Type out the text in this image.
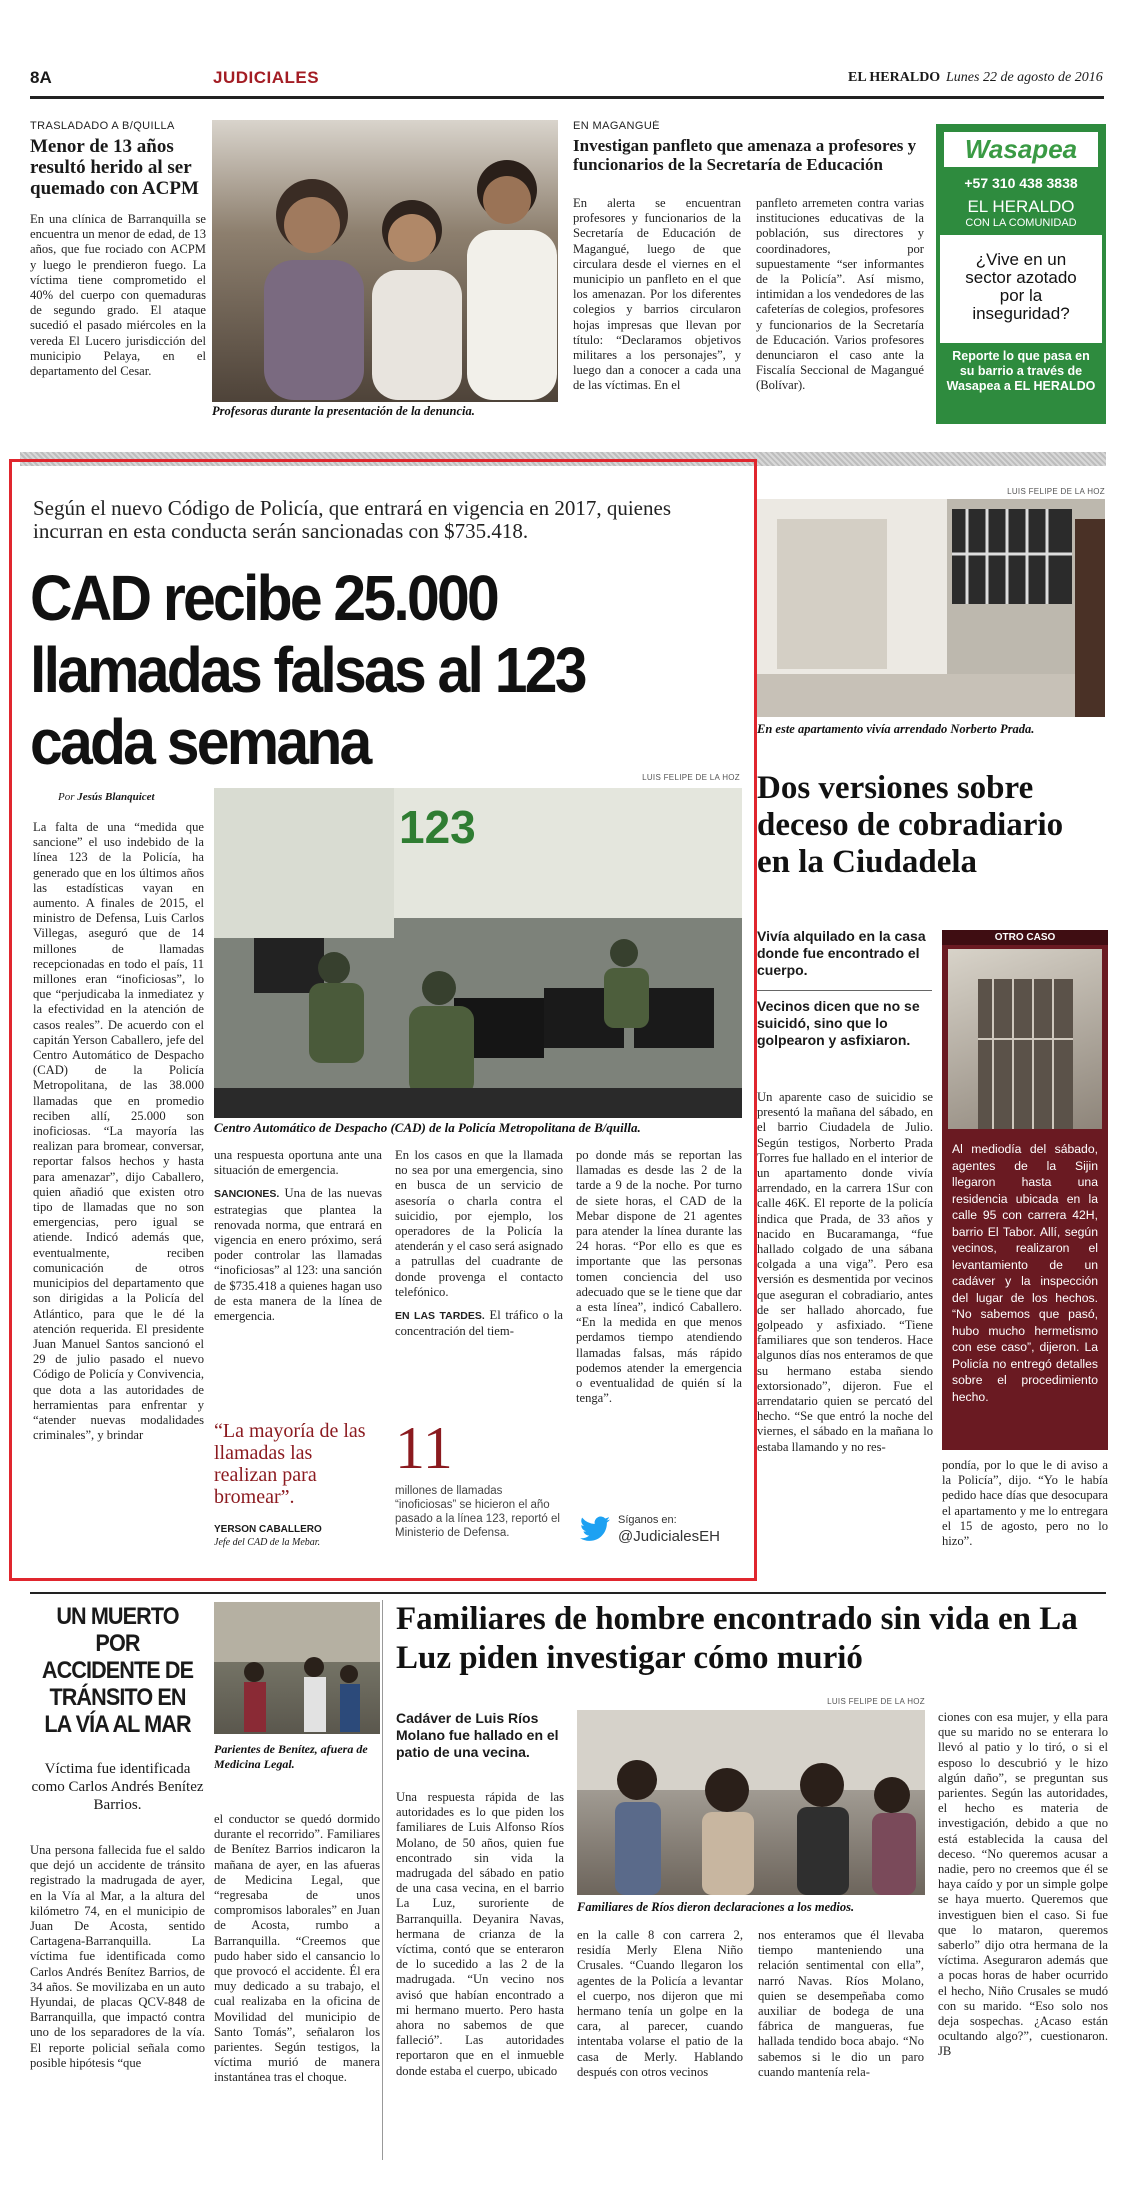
8A	JUDICIALES	EL HERALDO Lunes 22 de agosto de 2016
TRASLADADO A B/QUILLA
Menor de 13 años resultó herido al ser quemado con ACPM
En una clínica de Barranquilla se encuentra un menor de edad, de 13 años, que fue rociado con ACPM y luego le prendieron fuego. La víctima tiene comprometido el 40% del cuerpo con quemaduras de segundo grado. El ataque sucedió el pasado miércoles en la vereda El Lucero jurisdicción del municipio Pelaya, en el departamento del Cesar.
Profesoras durante la presentación de la denuncia.
EN MAGANGUÉ
Investigan panfleto que amenaza a profesores y funcionarios de la Secretaría de Educación
En alerta se encuentran profesores y funcionarios de la Secretaría de Educación de Magangué, luego de que circulara desde el viernes en el municipio un panfleto en el que los amenazan. Por los diferentes colegios y barrios circularon hojas impresas que llevan por título: “Declaramos objetivos militares a los personajes”, y luego dan a conocer a cada una de las víctimas. En el
panfleto arremeten contra varias instituciones educativas de la población, sus directores y coordinadores, por supuestamente “ser informantes de la Policía”. Así mismo, intimidan a los vendedores de las cafeterías de colegios, profesores y funcionarios de la Secretaría de Educación. Varios profesores denunciaron el caso ante la Fiscalía Seccional de Magangué (Bolívar).
Wasapea
+57 310 438 3838
EL HERALDO
CON LA COMUNIDAD
¿Vive en un sector azotado por la inseguridad?
Reporte lo que pasa en su barrio a través de Wasapea a EL HERALDO
Según el nuevo Código de Policía, que entrará en vigencia en 2017, quienes incurran en esta conducta serán sancionadas con $735.418.
CAD recibe 25.000 llamadas falsas al 123 cada semana	LUIS FELIPE DE LA HOZ
Por Jesús Blanquicet
123
Centro Automático de Despacho (CAD) de la Policía Metropolitana de B/quilla.
La falta de una “medida que sancione” el uso indebido de la línea 123 de la Policía, ha generado que en los últimos años las estadísticas vayan en aumento. A finales de 2015, el ministro de Defensa, Luis Carlos Villegas, aseguró que de 14 millones de llamadas recepcionadas en todo el país, 11 millones eran “inoficiosas”, lo que “perjudicaba la inmediatez y la efectividad en la atención de casos reales”. De acuerdo con el capitán Yerson Caballero, jefe del Centro Automático de Despacho (CAD) de la Policía Metropolitana, de las 38.000 llamadas que en promedio reciben allí, 25.000 son inoficiosas. “La mayoría las realizan para bromear, conversar, reportar falsos hechos y hasta para amenazar”, dijo Caballero, quien añadió que existen otro tipo de llamadas que no son emergencias, pero igual se atiende. Indicó además que, eventualmente, reciben comunicación de otros municipios del departamento que son dirigidas a la Policía del Atlántico, para que le dé la atención requerida. El presidente Juan Manuel Santos sancionó el 29 de julio pasado el nuevo Código de Policía y Convivencia, que dota a las autoridades de herramientas para enfrentar y “atender nuevas modalidades criminales”, y brindar

una respuesta oportuna ante una situación de emergencia.

SANCIONES. Una de las nuevas estrategias que plantea la renovada norma, que entrará en vigencia en enero próximo, será poder controlar las llamadas “inoficiosas” al 123: una sanción de $735.418 a quienes hagan uso de esta manera de la línea de emergencia.

En los casos en que la llamada no sea por una emergencia, sino en busca de un servicio de asesoría o charla contra el suicidio, por ejemplo, los operadores de la Policía la atenderán y el caso será asignado a patrullas del cuadrante de donde provenga el contacto telefónico.

EN LAS TARDES. El tráfico o la concentración del tiem-

po donde más se reportan las llamadas es desde las 2 de la tarde a 9 de la noche. Por turno de siete horas, el CAD de la Mebar dispone de 21 agentes para atender la línea durante las 24 horas. “Por ello es que es importante que las personas tomen conciencia del uso adecuado que se le tiene que dar a esta línea”, indicó Caballero. “En la medida en que menos perdamos tiempo atendiendo llamadas falsas, más rápido podemos atender la emergencia o eventualidad de quién sí la tenga”.
“La mayoría de las llamadas las realizan para bromear”.
YERSON CABALLERO
Jefe del CAD de la Mebar.
11
millones de llamadas “inoficiosas” se hicieron el año pasado a la línea 123, reportó el Ministerio de Defensa.
Síganos en:
@JudicialesEH
LUIS FELIPE DE LA HOZ
En este apartamento vivía arrendado Norberto Prada.
Dos versiones sobre deceso de cobradiario en la Ciudadela
Vivía alquilado en la casa donde fue encontrado el cuerpo.
Vecinos dicen que no se suicidó, sino que lo golpearon y asfixiaron.
Un aparente caso de suicidio se presentó la mañana del sábado, en el barrio Ciudadela de Julio. Según testigos, Norberto Prada Torres fue hallado en el interior de un apartamento donde vivía arrendado, en la carrera 1Sur con calle 46K. El reporte de la policía indica que Prada, de 33 años y nacido en Bucaramanga, “fue hallado colgado de una sábana colgada a una viga”. Pero esa versión es desmentida por vecinos que aseguran el cobradiario, antes de ser hallado ahorcado, fue golpeado y asfixiado. “Tiene familiares que son tenderos. Hace algunos días nos enteramos de que su hermano estaba siendo extorsionado”, dijeron. Fue el arrendatario quien se percató del hecho. “Se que entró la noche del viernes, el sábado en la mañana lo estaba llamando y no res-
pondía, por lo que le di aviso a la Policía”, dijo. “Yo le había pedido hace días que desocupara el apartamento y me lo entregara el 15 de agosto, pero no lo hizo”.
OTRO CASO
Al mediodía del sábado, agentes de la Sijin llegaron hasta una residencia ubicada en la calle 95 con carrera 42H, barrio El Tabor. Allí, según vecinos, realizaron el levantamiento de un cadáver y la inspección del lugar de los hechos. “No sabemos que pasó, hubo mucho hermetismo con ese caso”, dijeron. La Policía no entregó detalles sobre el procedimiento hecho.
UN MUERTO POR ACCIDENTE DE TRÁNSITO EN LA VÍA AL MAR
Víctima fue identificada como Carlos Andrés Benítez Barrios.
Parientes de Benítez, afuera de Medicina Legal.
Una persona fallecida fue el saldo que dejó un accidente de tránsito registrado la madrugada de ayer, en la Vía al Mar, a la altura del kilómetro 74, en el municipio de Juan De Acosta, sentido Cartagena-Barranquilla. La víctima fue identificada como Carlos Andrés Benítez Barrios, de 34 años. Se movilizaba en un auto Hyundai, de placas QCV-848 de Barranquilla, que impactó contra uno de los separadores de la vía. El reporte policial señala como posible hipótesis “que
el conductor se quedó dormido durante el recorrido”. Familiares de Benítez Barrios indicaron la mañana de ayer, en las afueras de Medicina Legal, que “regresaba de unos compromisos laborales” en Juan de Acosta, rumbo a Barranquilla. “Creemos que pudo haber sido el cansancio lo que provocó el accidente. Él era muy dedicado a su trabajo, el cual realizaba en la oficina de Movilidad del municipio de Santo Tomás”, señalaron los parientes. Según testigos, la víctima murió de manera instantánea tras el choque.
Familiares de hombre encontrado sin vida en La Luz piden investigar cómo murió
LUIS FELIPE DE LA HOZ
Cadáver de Luis Ríos Molano fue hallado en el patio de una vecina.
Familiares de Ríos dieron declaraciones a los medios.
Una respuesta rápida de las autoridades es lo que piden los familiares de Luis Alfonso Ríos Molano, de 50 años, quien fue encontrado sin vida la madrugada del sábado en patio de una casa vecina, en el barrio La Luz, suroriente de Barranquilla. Deyanira Navas, hermana de crianza de la víctima, contó que se enteraron de lo sucedido a las 2 de la madrugada. “Un vecino nos avisó que habían encontrado a mi hermano muerto. Pero hasta ahora no sabemos de que falleció”. Las autoridades reportaron que en el inmueble donde estaba el cuerpo, ubicado
en la calle 8 con carrera 2, residía Merly Elena Niño Crusales. “Cuando llegaron los agentes de la Policía a levantar el cuerpo, nos dijeron que mi hermano tenía un golpe en la cara, al parecer, cuando intentaba volarse el patio de la casa de Merly. Hablando después con otros vecinos
nos enteramos que él llevaba tiempo manteniendo una relación sentimental con ella”, narró Navas. Ríos Molano, quien se desempeñaba como auxiliar de bodega de una fábrica de mangueras, fue hallada tendido boca abajo. “No sabemos si le dio un paro cuando mantenía rela-
ciones con esa mujer, y ella para que su marido no se enterara lo llevó al patio y lo tiró, o si el esposo lo descubrió y le hizo algún daño”, se preguntan sus parientes. Según las autoridades, el hecho es materia de investigación, debido a que no está establecida la causa del deceso. “No queremos acusar a nadie, pero no creemos que él se haya caído y por un simple golpe se haya muerto. Queremos que investiguen bien el caso. Si fue que lo mataron, queremos saberlo” dijo otra hermana de la víctima. Aseguraron además que a pocas horas de haber ocurrido el hecho, Niño Crusales se mudó con su marido. “Eso solo nos deja sospechas. ¿Acaso están ocultando algo?”, cuestionaron. JB
